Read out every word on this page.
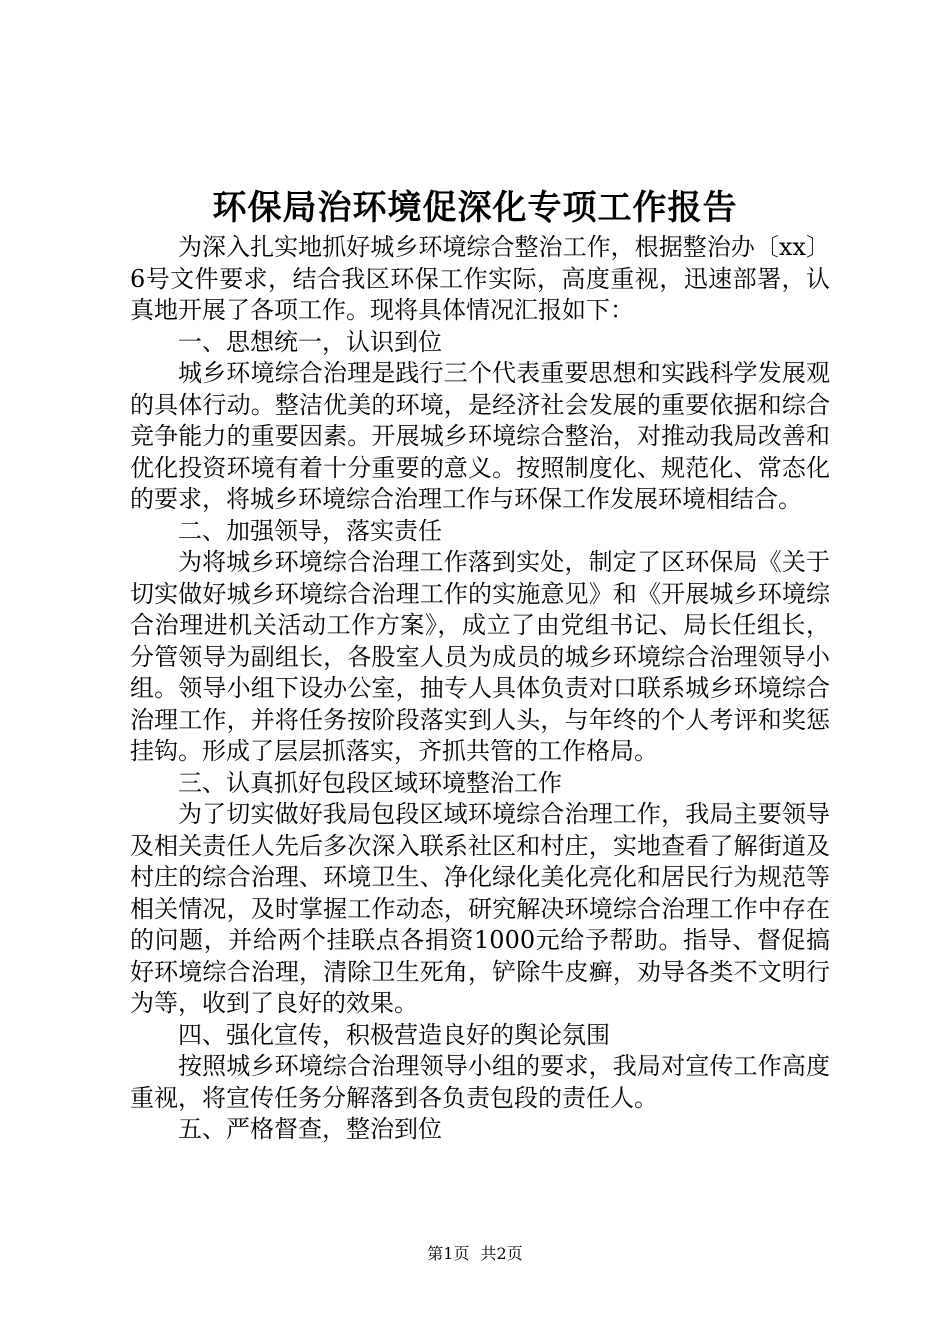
环保局治环境促深化专项工作报告

为深入扎实地抓好城乡环境综合整治工作，根据整治办〔xx〕6号文件要求，结合我区环保工作实际，高度重视，迅速部署，认真地开展了各项工作。现将具体情况汇报如下：

一、思想统一，认识到位

城乡环境综合治理是践行三个代表重要思想和实践科学发展观的具体行动。整洁优美的环境，是经济社会发展的重要依据和综合竞争能力的重要因素。开展城乡环境综合整治，对推动我局改善和优化投资环境有着十分重要的意义。按照制度化、规范化、常态化的要求，将城乡环境综合治理工作与环保工作发展环境相结合。

二、加强领导，落实责任

为将城乡环境综合治理工作落到实处，制定了区环保局《关于切实做好城乡环境综合治理工作的实施意见》和《开展城乡环境综合治理进机关活动工作方案》，成立了由党组书记、局长任组长，分管领导为副组长，各股室人员为成员的城乡环境综合治理领导小组。领导小组下设办公室，抽专人具体负责对口联系城乡环境综合治理工作，并将任务按阶段落实到人头，与年终的个人考评和奖惩挂钩。形成了层层抓落实，齐抓共管的工作格局。

三、认真抓好包段区域环境整治工作

为了切实做好我局包段区域环境综合治理工作，我局主要领导及相关责任人先后多次深入联系社区和村庄，实地查看了解街道及村庄的综合治理、环境卫生、净化绿化美化亮化和居民行为规范等相关情况，及时掌握工作动态，研究解决环境综合治理工作中存在的问题，并给两个挂联点各捐资1000元给予帮助。指导、督促搞好环境综合治理，清除卫生死角，铲除牛皮癣，劝导各类不文明行为等，收到了良好的效果。

四、强化宣传，积极营造良好的舆论氛围

按照城乡环境综合治理领导小组的要求，我局对宣传工作高度重视，将宣传任务分解落到各负责包段的责任人。

五、严格督查，整治到位

第1页 共2页
